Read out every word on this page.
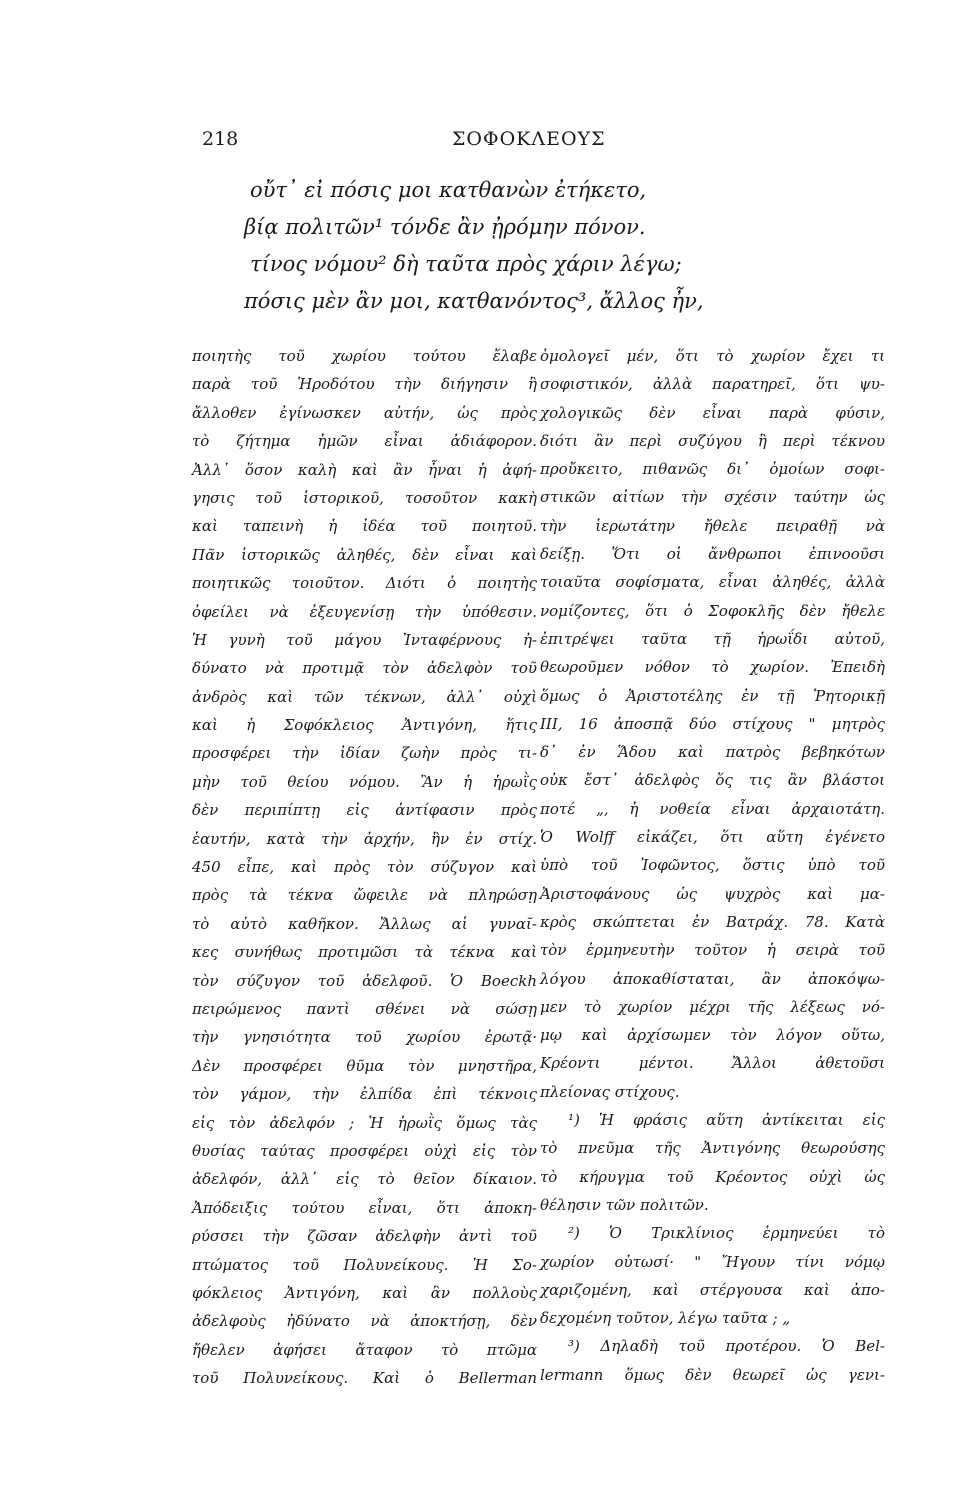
218	ΣΟΦΟΚΛΕΟΥΣ
οὔτ᾽ εἰ πόσις μοι κατθανὼν ἐτήκετο,
βίᾳ πολιτῶν¹ τόνδε ἂν ᾐρόμην πόνον.
τίνος νόμου² δὴ ταῦτα πρὸς χάριν λέγω;
πόσις μὲν ἂν μοι, κατθανόντος³, ἄλλος ἦν,
ποιητὴς τοῦ χωρίου τούτου ἔλαβε
παρὰ τοῦ Ἡροδότου τὴν διήγησιν ἢ
ἄλλοθεν ἐγίνωσκεν αὐτήν, ὡς πρὸς
τὸ ζήτημα ἡμῶν εἶναι ἀδιάφορον.
Ἀλλ᾽ ὅσον καλὴ καὶ ἂν ἦναι ἡ ἀφή-
γησις τοῦ ἱστορικοῦ, τοσοῦτον κακὴ
καὶ ταπεινὴ ἡ ἰδέα τοῦ ποιητοῦ.
Πᾶν ἱστορικῶς ἀληθές, δὲν εἶναι καὶ
ποιητικῶς τοιοῦτον. Διότι ὁ ποιητὴς
ὀφείλει νὰ ἐξευγενίσῃ τὴν ὑπόθεσιν.
Ἡ γυνὴ τοῦ μάγου Ἰνταφέρνους ἠ-
δύνατο νὰ προτιμᾷ τὸν ἀδελφὸν τοῦ
ἀνδρὸς καὶ τῶν τέκνων, ἀλλ᾽ οὐχὶ
καὶ ἡ Σοφόκλειος Ἀντιγόνη, ἥτις
προσφέρει τὴν ἰδίαν ζωὴν πρὸς τι-
μὴν τοῦ θείου νόμου. Ἂν ἡ ἡρωῒς
δὲν περιπίπτῃ εἰς ἀντίφασιν πρὸς
ἑαυτήν, κατὰ τὴν ἀρχήν, ἣν ἐν στίχ.
450 εἶπε, καὶ πρὸς τὸν σύζυγον καὶ
πρὸς τὰ τέκνα ὤφειλε νὰ πληρώσῃ
τὸ αὐτὸ καθῆκον. Ἄλλως αἱ γυναῖ-
κες συνήθως προτιμῶσι τὰ τέκνα καὶ
τὸν σύζυγον τοῦ ἀδελφοῦ. Ὁ Boeckh
πειρώμενος παντὶ σθένει νὰ σώσῃ
τὴν γνησιότητα τοῦ χωρίου ἐρωτᾷ·
Δὲν προσφέρει θῦμα τὸν μνηστῆρα,
τὸν γάμον, τὴν ἐλπίδα ἐπὶ τέκνοις
εἰς τὸν ἀδελφόν ; Ἡ ἡρωῒς ὅμως τὰς
θυσίας ταύτας προσφέρει οὐχὶ εἰς τὸν
ἀδελφόν, ἀλλ᾽ εἰς τὸ θεῖον δίκαιον.
Ἀπόδειξις τούτου εἶναι, ὅτι ἀποκη-
ρύσσει τὴν ζῶσαν ἀδελφὴν ἀντὶ τοῦ
πτώματος τοῦ Πολυνείκους. Ἡ Σο-
φόκλειος Ἀντιγόνη, καὶ ἂν πολλοὺς
ἀδελφοὺς ἠδύνατο νὰ ἀποκτήσῃ, δὲν
ἤθελεν ἀφήσει ἄταφον τὸ πτῶμα
τοῦ Πολυνείκους. Καὶ ὁ Bellerman
ὁμολογεῖ μέν, ὅτι τὸ χωρίον ἔχει τι
σοφιστικόν, ἀλλὰ παρατηρεῖ, ὅτι ψυ-
χολογικῶς δὲν εἶναι παρὰ φύσιν,
διότι ἂν περὶ συζύγου ἢ περὶ τέκνου
προὔκειτο, πιθανῶς δι᾽ ὁμοίων σοφι-
στικῶν αἰτίων τὴν σχέσιν ταύτην ὡς
τὴν ἱερωτάτην ἤθελε πειραθῇ νὰ
δείξῃ. Ὅτι οἱ ἄνθρωποι ἐπινοοῦσι
τοιαῦτα σοφίσματα, εἶναι ἀληθές, ἀλλὰ
νομίζοντες, ὅτι ὁ Σοφοκλῆς δὲν ἤθελε
ἐπιτρέψει ταῦτα τῇ ἡρωΐδι αὐτοῦ,
θεωροῦμεν νόθον τὸ χωρίον. Ἐπειδὴ
ὅμως ὁ Ἀριστοτέλης ἐν τῇ Ῥητορικῇ
ΙΙΙ, 16 ἀποσπᾷ δύο στίχους " μητρὸς
δ᾽ ἐν Ἅδου καὶ πατρὸς βεβηκότων
οὐκ ἔστ᾽ ἀδελφὸς ὅς τις ἂν βλάστοι
ποτέ „, ἡ νοθεία εἶναι ἀρχαιοτάτη.
Ὁ Wolff εἰκάζει, ὅτι αὕτη ἐγένετο
ὑπὸ τοῦ Ἰοφῶντος, ὅστις ὑπὸ τοῦ
Ἀριστοφάνους ὡς ψυχρὸς καὶ μα-
κρὸς σκώπτεται ἐν Βατράχ. 78. Κατὰ
τὸν ἑρμηνευτὴν τοῦτον ἡ σειρὰ τοῦ
λόγου ἀποκαθίσταται, ἂν ἀποκόψω-
μεν τὸ χωρίον μέχρι τῆς λέξεως νό-
μῳ καὶ ἀρχίσωμεν τὸν λόγον οὕτω,
Κρέοντι μέντοι. Ἄλλοι ἀθετοῦσι
πλείονας στίχους.
¹) Ἡ φράσις αὕτη ἀντίκειται εἰς
τὸ πνεῦμα τῆς Ἀντιγόνης θεωρούσης
τὸ κήρυγμα τοῦ Κρέοντος οὐχὶ ὡς
θέλησιν τῶν πολιτῶν.
²) Ὁ Τρικλίνιος ἑρμηνεύει τὸ
χωρίον οὑτωσί· " Ἤγουν τίνι νόμῳ
χαριζομένη, καὶ στέργουσα καὶ ἀπο-
δεχομένη τοῦτον, λέγω ταῦτα ; „
³) Δηλαδὴ τοῦ προτέρου. Ὁ Bel-
lermann ὅμως δὲν θεωρεῖ ὡς γενι-
